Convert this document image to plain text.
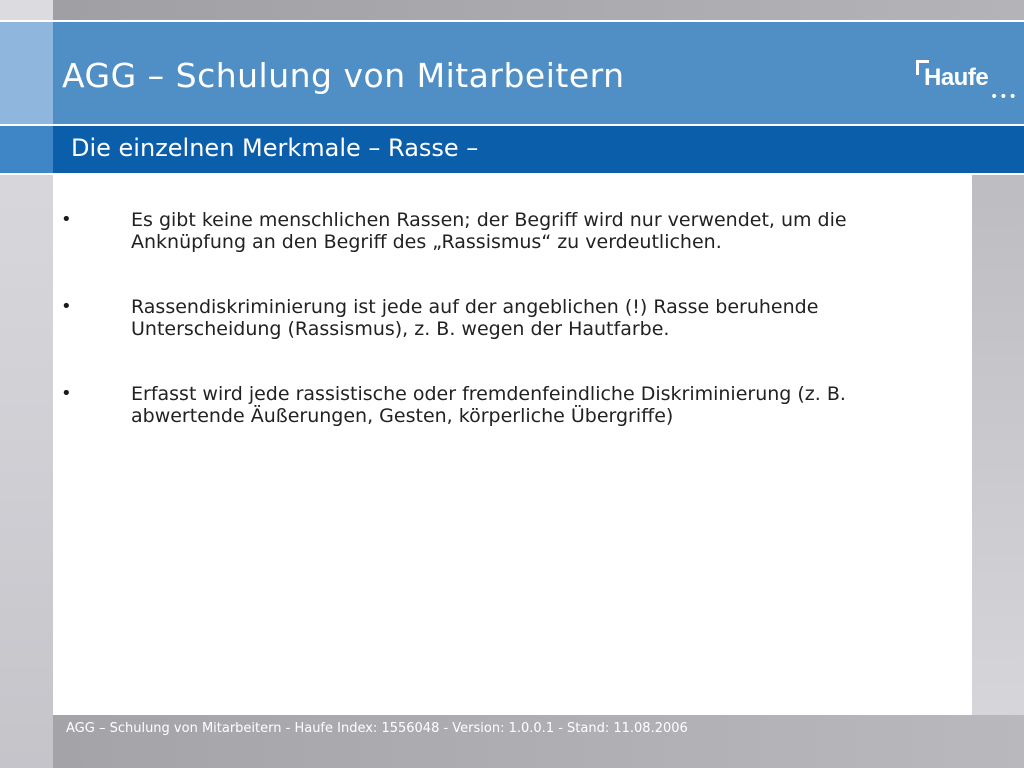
AGG – Schulung von Mitarbeitern	Haufe
•••
Die einzelnen Merkmale – Rasse –
•	Es gibt keine menschlichen Rassen; der Begriff wird nur verwendet, um die Anknüpfung an den Begriff des „Rassismus“ zu verdeutlichen.
•	Rassendiskriminierung ist jede auf der angeblichen (!) Rasse beruhende Unterscheidung (Rassismus), z. B. wegen der Hautfarbe.
•	Erfasst wird jede rassistische oder fremdenfeindliche Diskriminierung (z. B. abwertende Äußerungen, Gesten, körperliche Übergriffe)
AGG – Schulung von Mitarbeitern - Haufe Index: 1556048 - Version: 1.0.0.1 - Stand: 11.08.2006
